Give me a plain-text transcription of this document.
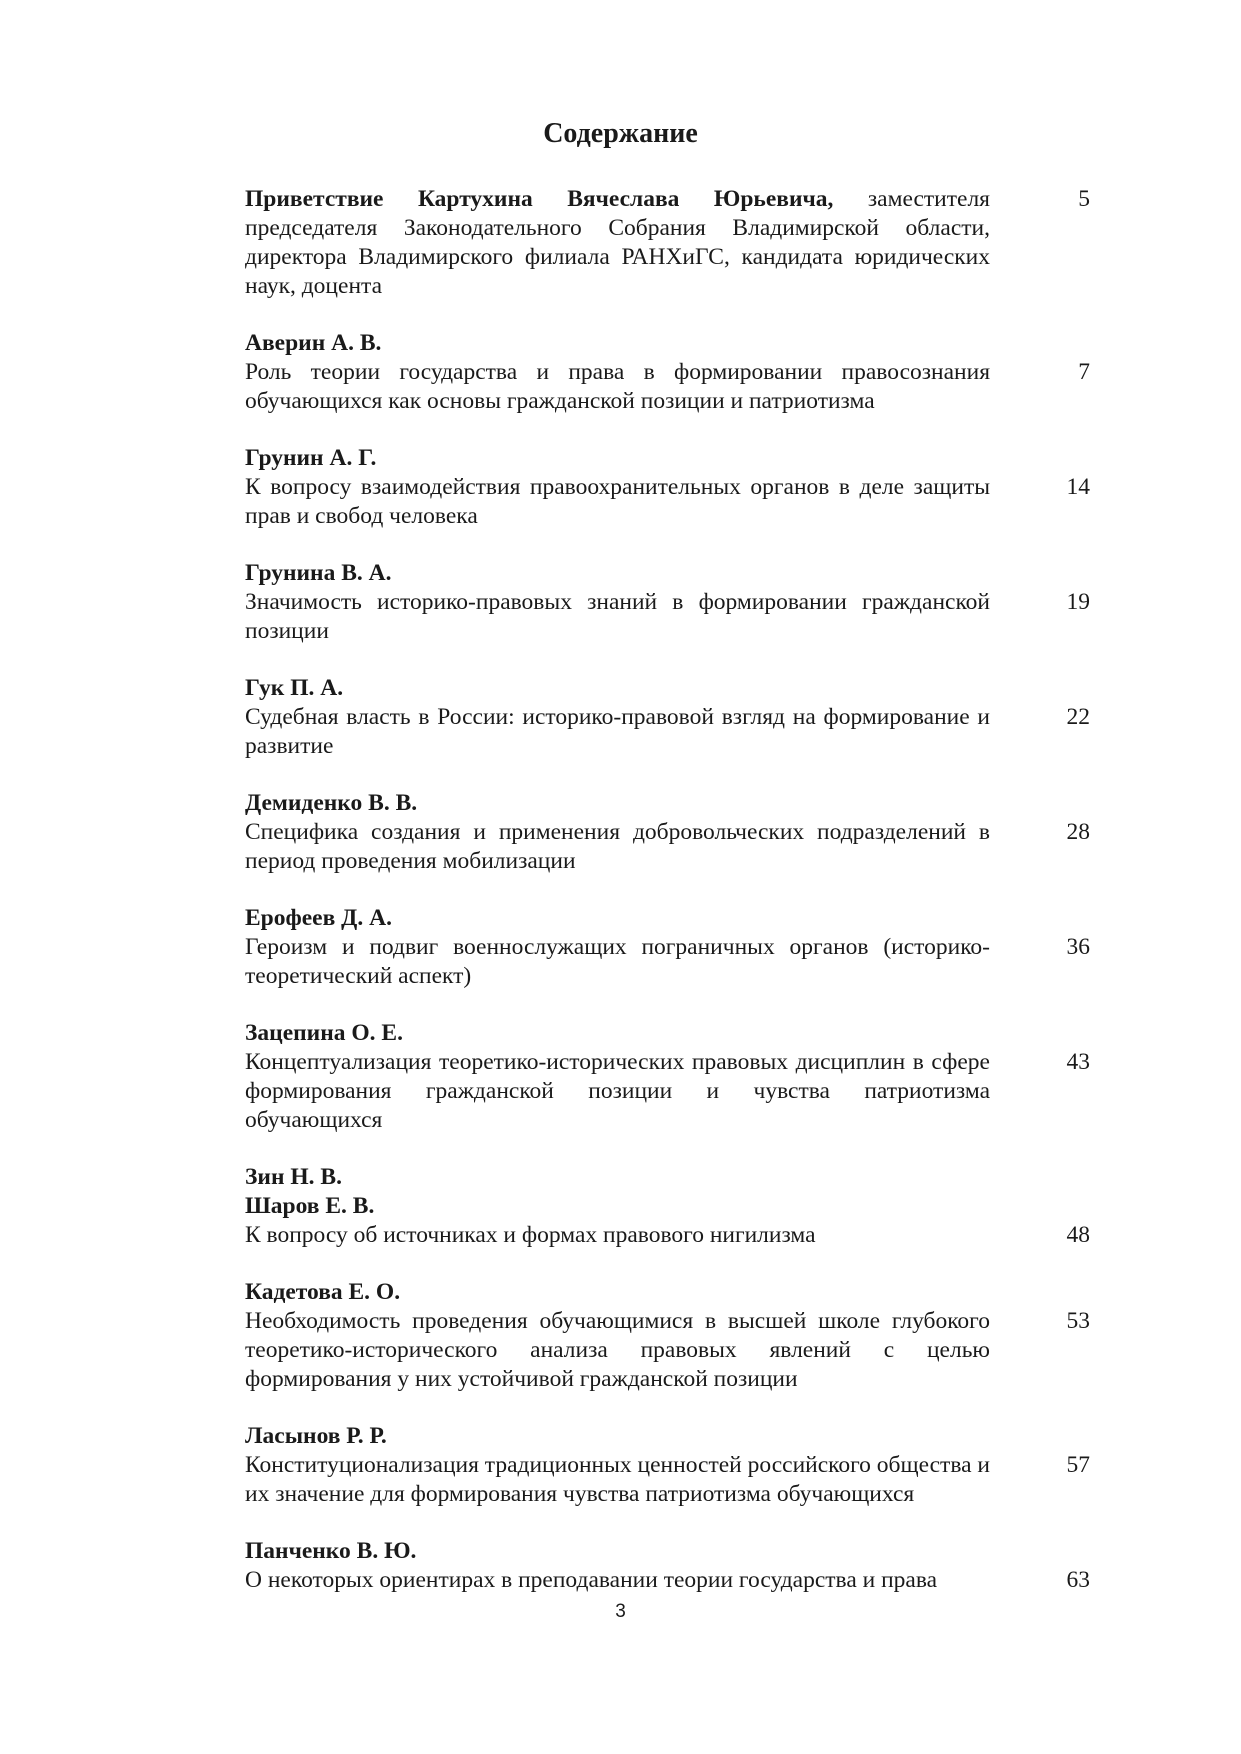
Содержание
5
Приветствие Картухина Вячеслава Юрьевича, заместителя председателя Законодательного Собрания Владимирской области, директора Владимирского филиала РАНХиГС, кандидата юридических наук, доцента
7
Аверин А. В.
Роль теории государства и права в формировании правосознания обучающихся как основы гражданской позиции и патриотизма
14
Грунин А. Г.
К вопросу взаимодействия правоохранительных органов в деле защиты прав и свобод человека
19
Грунина В. А.
Значимость историко-правовых знаний в формировании гражданской позиции
22
Гук П. А.
Судебная власть в России: историко-правовой взгляд на формирование и развитие
28
Демиденко В. В.
Специфика создания и применения добровольческих подразделений в период проведения мобилизации
36
Ерофеев Д. А.
Героизм и подвиг военнослужащих пограничных органов (историко-теоретический аспект)
43
Зацепина О. Е.
Концептуализация теоретико-исторических правовых дисциплин в сфере формирования гражданской позиции и чувства патриотизма обучающихся
48
Зин Н. В.
Шаров Е. В.
К вопросу об источниках и формах правового нигилизма
53
Кадетова Е. О.
Необходимость проведения обучающимися в высшей школе глубокого теоретико-исторического анализа правовых явлений с целью формирования у них устойчивой гражданской позиции
57
Ласынов Р. Р.
Конституционализация традиционных ценностей российского общества и их значение для формирования чувства патриотизма обучающихся
63
Панченко В. Ю.
О некоторых ориентирах в преподавании теории государства и права
3
